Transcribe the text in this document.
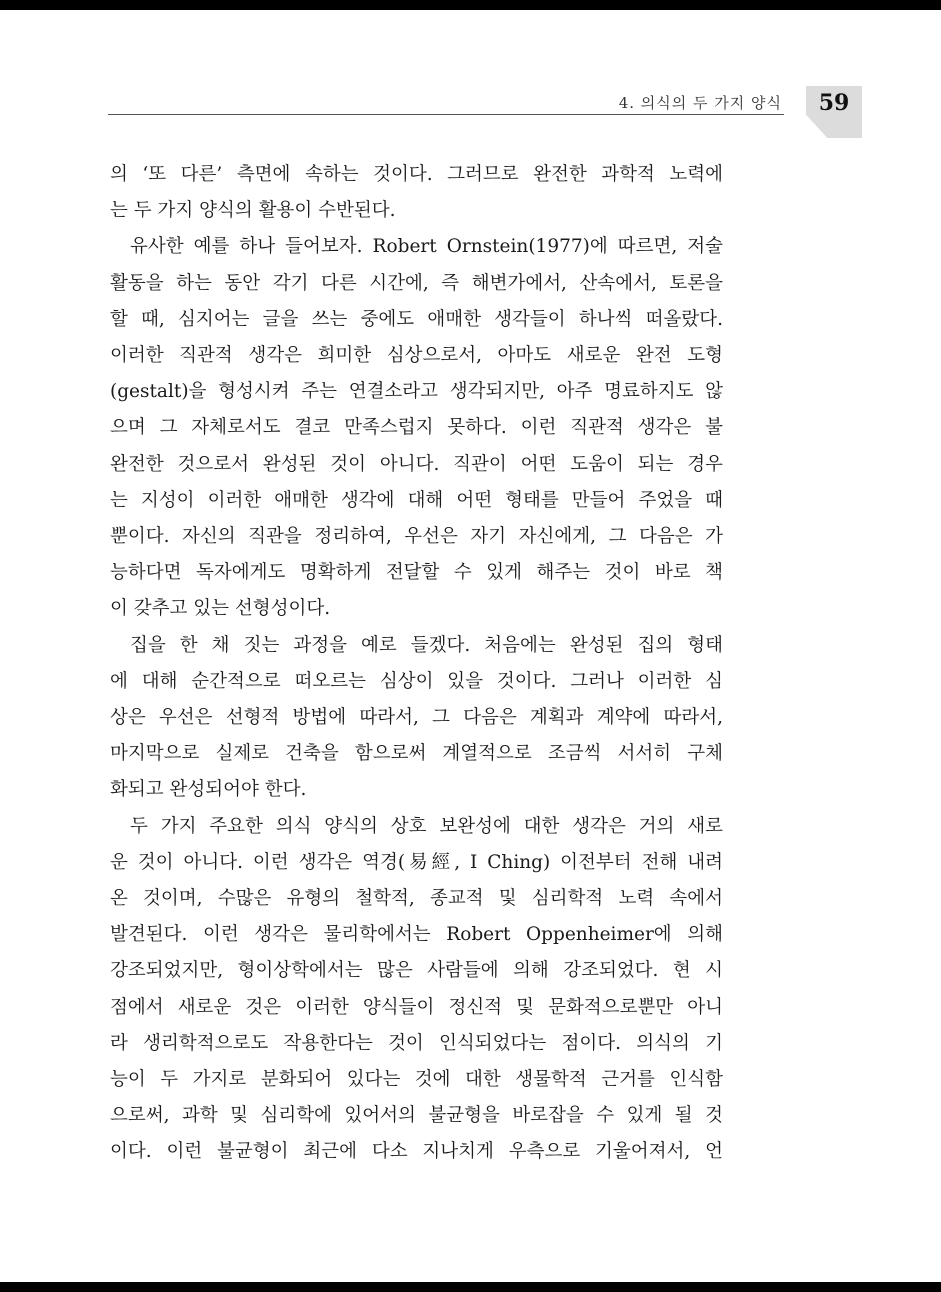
4. 의식의 두 가지 양식	59
의 ‘또 다른’ 측면에 속하는 것이다. 그러므로 완전한 과학적 노력에
는 두 가지 양식의 활용이 수반된다.
유사한 예를 하나 들어보자. Robert Ornstein(1977)에 따르면, 저술
활동을 하는 동안 각기 다른 시간에, 즉 해변가에서, 산속에서, 토론을
할 때, 심지어는 글을 쓰는 중에도 애매한 생각들이 하나씩 떠올랐다.
이러한 직관적 생각은 희미한 심상으로서, 아마도 새로운 완전 도형
(gestalt)을 형성시켜 주는 연결소라고 생각되지만, 아주 명료하지도 않
으며 그 자체로서도 결코 만족스럽지 못하다. 이런 직관적 생각은 불
완전한 것으로서 완성된 것이 아니다. 직관이 어떤 도움이 되는 경우
는 지성이 이러한 애매한 생각에 대해 어떤 형태를 만들어 주었을 때
뿐이다. 자신의 직관을 정리하여, 우선은 자기 자신에게, 그 다음은 가
능하다면 독자에게도 명확하게 전달할 수 있게 해주는 것이 바로 책
이 갖추고 있는 선형성이다.
집을 한 채 짓는 과정을 예로 들겠다. 처음에는 완성된 집의 형태
에 대해 순간적으로 떠오르는 심상이 있을 것이다. 그러나 이러한 심
상은 우선은 선형적 방법에 따라서, 그 다음은 계획과 계약에 따라서,
마지막으로 실제로 건축을 함으로써 계열적으로 조금씩 서서히 구체
화되고 완성되어야 한다.
두 가지 주요한 의식 양식의 상호 보완성에 대한 생각은 거의 새로
운 것이 아니다. 이런 생각은 역경(易經, I Ching) 이전부터 전해 내려
온 것이며, 수많은 유형의 철학적, 종교적 및 심리학적 노력 속에서
발견된다. 이런 생각은 물리학에서는 Robert Oppenheimer에 의해
강조되었지만, 형이상학에서는 많은 사람들에 의해 강조되었다. 현 시
점에서 새로운 것은 이러한 양식들이 정신적 및 문화적으로뿐만 아니
라 생리학적으로도 작용한다는 것이 인식되었다는 점이다. 의식의 기
능이 두 가지로 분화되어 있다는 것에 대한 생물학적 근거를 인식함
으로써, 과학 및 심리학에 있어서의 불균형을 바로잡을 수 있게 될 것
이다. 이런 불균형이 최근에 다소 지나치게 우측으로 기울어져서, 언
